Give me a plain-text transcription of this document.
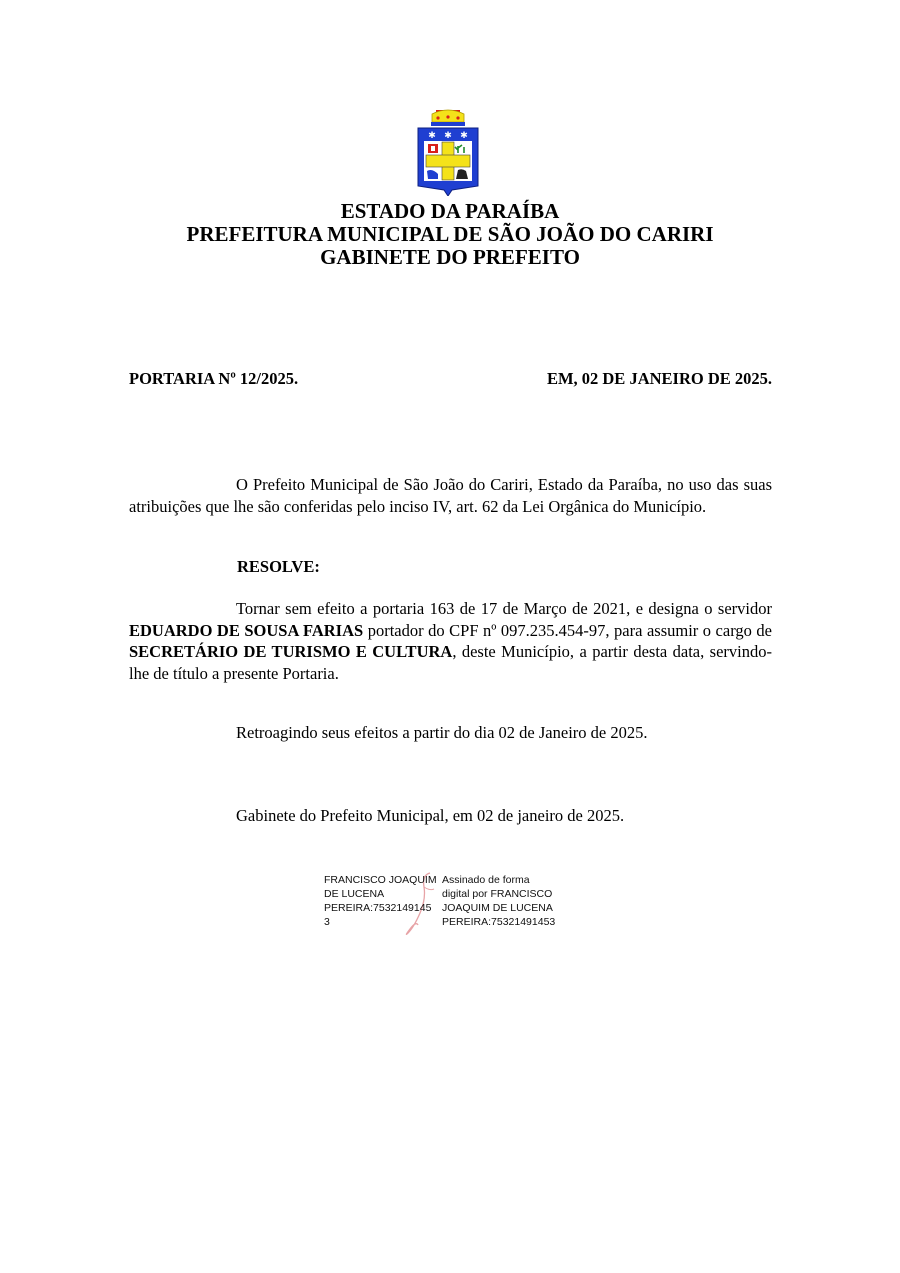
✱ ✱ ✱
ESTADO DA PARAÍBA
PREFEITURA MUNICIPAL DE SÃO JOÃO DO CARIRI
GABINETE DO PREFEITO
PORTARIA Nº 12/2025.	EM, 02 DE JANEIRO DE 2025.
O Prefeito Municipal de São João do Cariri, Estado da Paraíba, no uso das suas atribuições que lhe são conferidas pelo inciso IV, art. 62 da Lei Orgânica do Município.
RESOLVE:
Tornar sem efeito a portaria 163 de 17 de Março de 2021, e designa o servidor EDUARDO DE SOUSA FARIAS portador do CPF nº 097.235.454-97, para assumir o cargo de SECRETÁRIO DE TURISMO E CULTURA, deste Município, a partir desta data, servindo-lhe de título a presente Portaria.
Retroagindo seus efeitos a partir do dia 02 de Janeiro de 2025.
Gabinete do Prefeito Municipal, em 02 de janeiro de 2025.
FRANCISCO JOAQUIM
DE LUCENA
PEREIRA:7532149145
3
Assinado de forma
digital por FRANCISCO
JOAQUIM DE LUCENA
PEREIRA:75321491453
